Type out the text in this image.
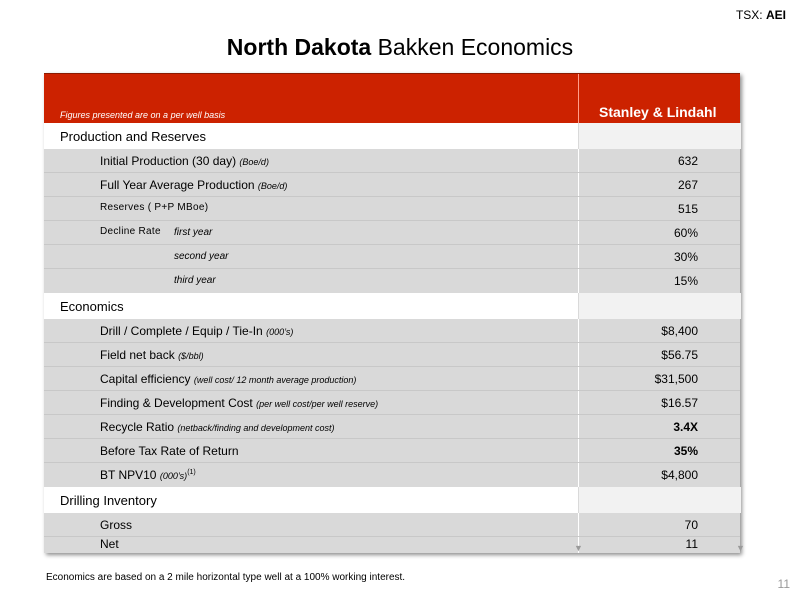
TSX: AEI
North Dakota Bakken Economics
Figures presented are on a per well basis	Stanley & Lindahl
Production and Reserves
Initial Production (30 day) (Boe/d)	632
Full Year Average Production (Boe/d)	267
Reserves ( P+P MBoe)	515
Decline Rate first year	60%
second year	30%
third year	15%
Economics
Drill / Complete / Equip / Tie-In (000’s)	$8,400
Field net back ($/bbl)	$56.75
Capital efficiency (well cost/ 12 month average production)	$31,500
Finding & Development Cost (per well cost/per well reserve)	$16.57
Recycle Ratio (netback/finding and development cost)	3.4X
Before Tax Rate of Return	35%
BT NPV10 (000’s)$^{(1)}$	$4,800
Drilling Inventory
Gross	70
Net	11
▼	▼
Economics are based on a 2 mile horizontal type well at a 100% working interest.	11
